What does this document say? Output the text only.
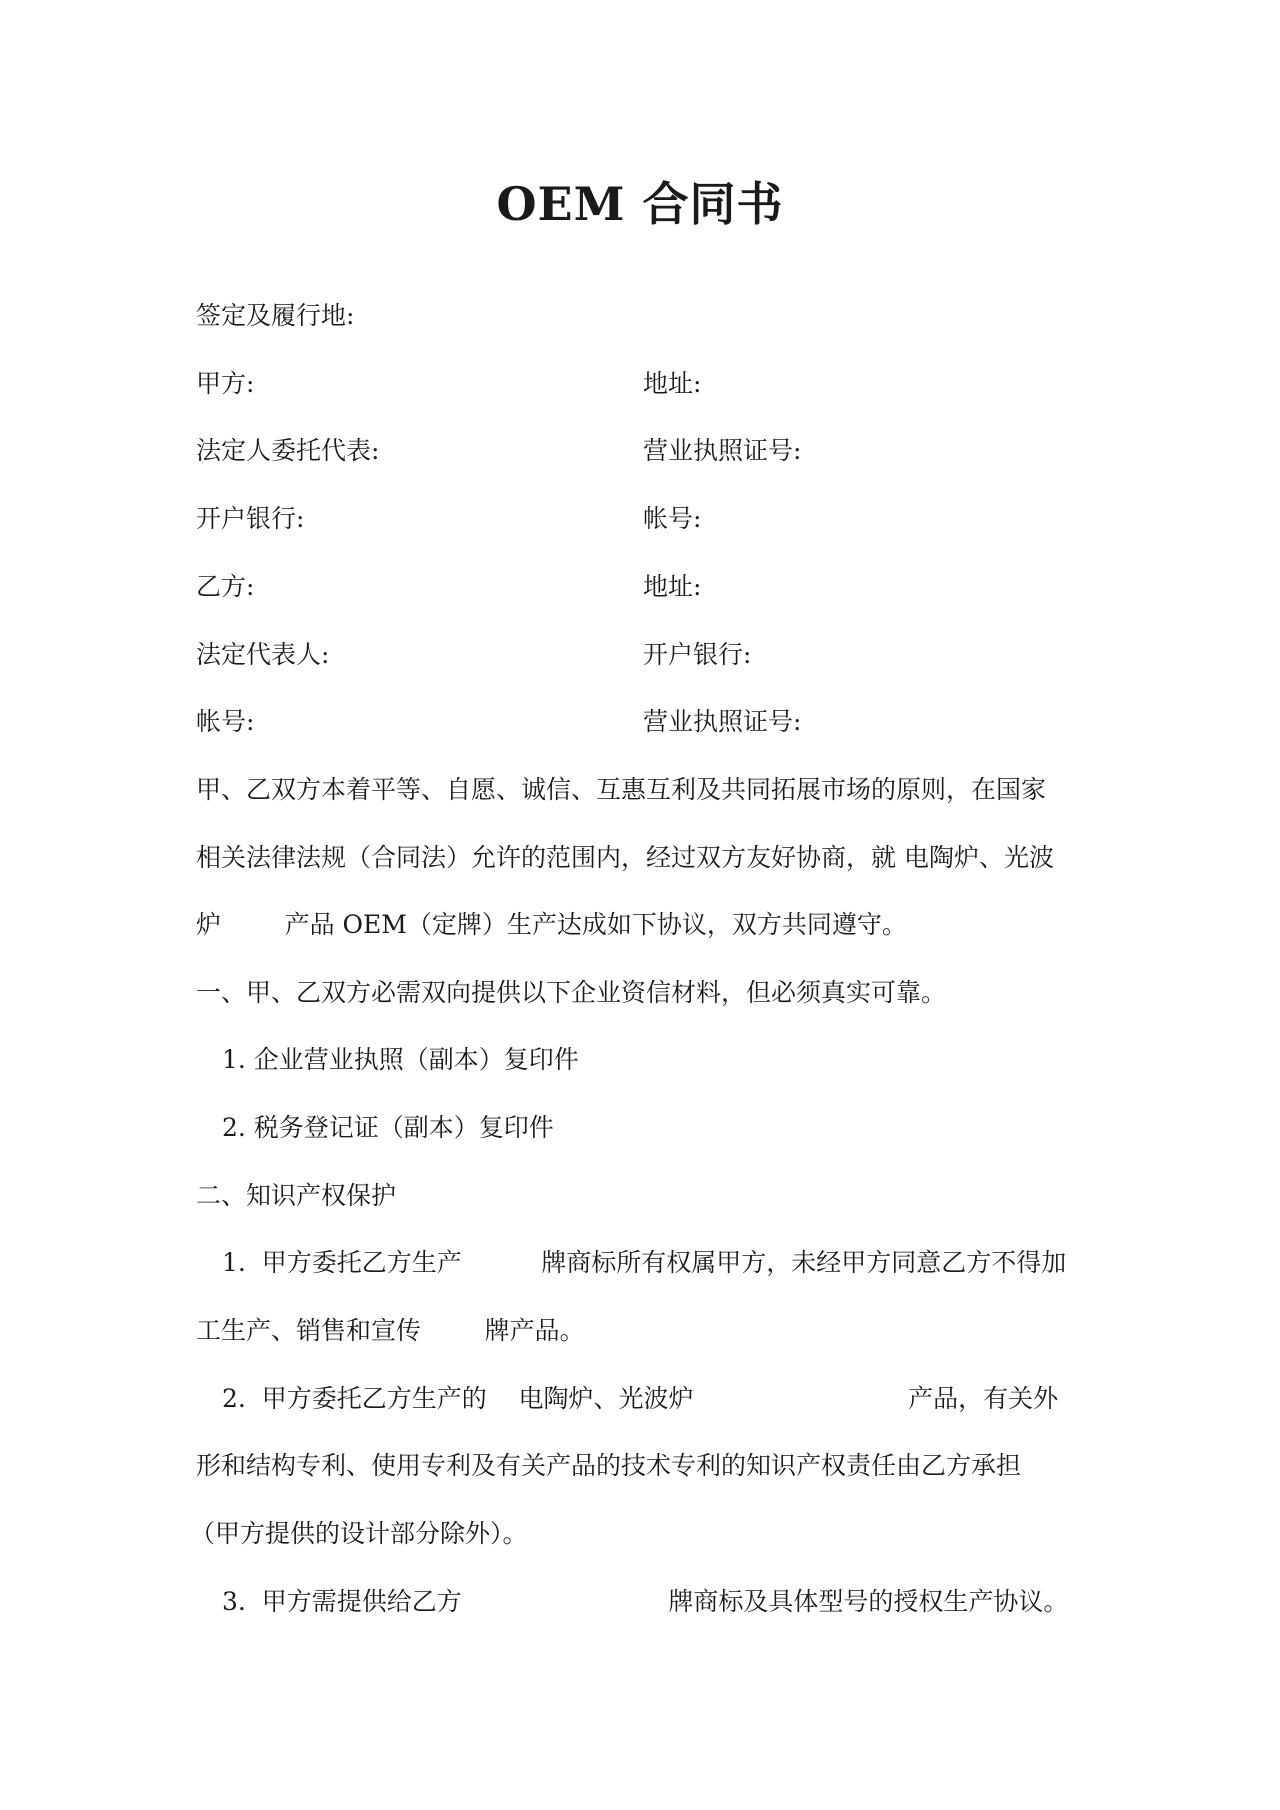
OEM 合同书
签定及履行地:
甲方:	地址:
法定人委托代表:	营业执照证号:
开户银行:	帐号:
乙方:	地址:
法定代表人:	开户银行:
帐号:	营业执照证号:
甲、乙双方本着平等、自愿、诚信、互惠互利及共同拓展市场的原则，在国家
相关法律法规（合同法）允许的范围内，经过双方友好协商，就 电陶炉、光波
炉        产品 OEM（定牌）生产达成如下协议，双方共同遵守。
一、甲、乙双方必需双向提供以下企业资信材料，但必须真实可靠。
1. 企业营业执照（副本）复印件
2. 税务登记证（副本）复印件
二、知识产权保护
1.  甲方委托乙方生产          牌商标所有权属甲方，未经甲方同意乙方不得加
工生产、销售和宣传        牌产品。
2.  甲方委托乙方生产的    电陶炉、光波炉                           产品，有关外
形和结构专利、使用专利及有关产品的技术专利的知识产权责任由乙方承担
（甲方提供的设计部分除外）。
3.  甲方需提供给乙方                          牌商标及具体型号的授权生产协议。
